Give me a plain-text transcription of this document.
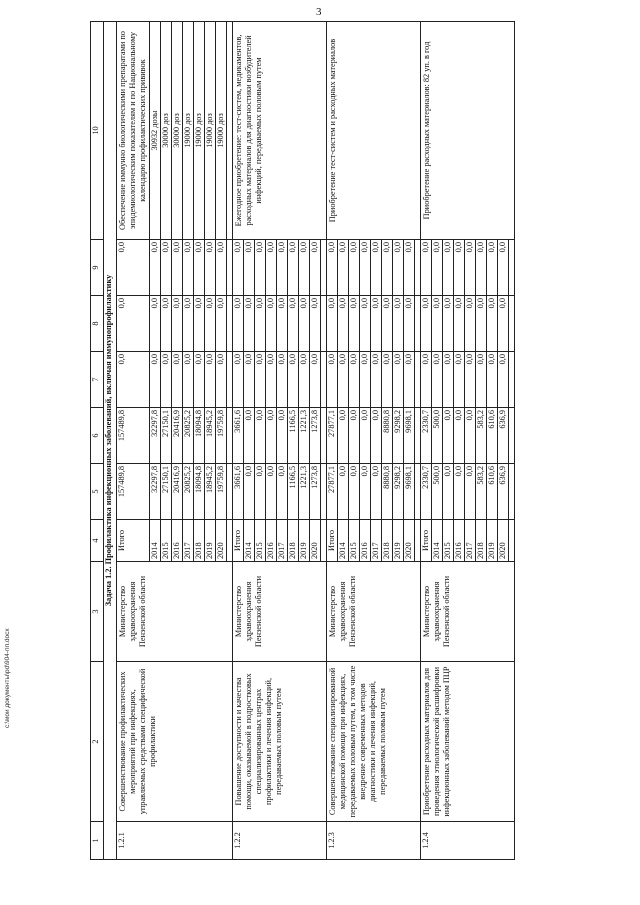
3
1	2	3	4	5	6	7	8	9	10
Задача 1.2. Профилактика инфекционных заболеваний, включая иммунопрофилактику									
1.2.1	Совершенствование профилактических мероприятий при инфекциях, управляемых средствами специфической профилактики	Министерство здравоохранения Пензенской области	Итого	157489,8	157489,8	0,0	0,0	0,0	Обеспечение иммунно биологическими препаратами по эпидемиологическим показателям и по Национальному календарю профилактических прививок
			2014	32297,8	32297,8	0,0	0,0	0,0	30932 дозы
			2015	27150,1	27150,1	0,0	0,0	0,0	30000 доз
			2016	20416,9	20416,9	0,0	0,0	0,0	30000 доз
			2017	20825,2	20825,2	0,0	0,0	0,0	19000 доз
			2018	18094,8	18094,8	0,0	0,0	0,0	19000 доз
			2019	18945,2	18945,2	0,0	0,0	0,0	19000 доз
			2020	19759,8	19759,8	0,0	0,0	0,0	19000 доз

1.2.2	Повышение доступности и качества помощи, оказываемой в подростковых специализированных центрах профилактики и лечения инфекций, передаваемых половым путем	Министерство здравоохранения Пензенской области	Итого	3661,6	3661,6	0,0	0,0	0,0	Ежегодное приобретение: тест-систем, медикаментов, расходных материалов для диагностики возбудителей инфекций, передаваемых половым путем
			2014	0,0	0,0	0,0	0,0	0,0	
			2015	0,0	0,0	0,0	0,0	0,0	
			2016	0,0	0,0	0,0	0,0	0,0	
			2017	0,0	0,0	0,0	0,0	0,0	
			2018	1166,5	1166,5	0,0	0,0	0,0	
			2019	1221,3	1221,3	0,0	0,0	0,0	
			2020	1273,8	1273,8	0,0	0,0	0,0	

1.2.3	Совершенствование специализированной медицинской помощи при инфекциях, передаваемых половым путем, в том числе внедрение современных методов диагностики и лечения инфекций, передаваемых половым путем	Министерство здравоохранения Пензенской области	Итого	27877,1	27877,1	0,0	0,0	0,0	Приобретение тест-систем и расходных материалов
			2014	0,0	0,0	0,0	0,0	0,0	
			2015	0,0	0,0	0,0	0,0	0,0	
			2016	0,0	0,0	0,0	0,0	0,0	
			2017	0,0	0,0	0,0	0,0	0,0	
			2018	8880,8	8880,8	0,0	0,0	0,0	
			2019	9298,2	9298,2	0,0	0,0	0,0	
			2020	9698,1	9698,1	0,0	0,0	0,0	

1.2.4	Приобретение расходных материалов для проведения этиологической расшифровки инфекционных заболеваний методом ПЦР	Министерство здравоохранения Пензенской области	Итого	2330,7	2330,7	0,0	0,0	0,0	Приобретение расходных материалов: 82 уп. в год
			2014	500,0	500,0	0,0	0,0	0,0	
			2015	0,0	0,0	0,0	0,0	0,0	
			2016	0,0	0,0	0,0	0,0	0,0	
			2017	0,0	0,0	0,0	0,0	0,0	
			2018	583,2	583,2	0,0	0,0	0,0	
			2019	610,6	610,6	0,0	0,0	0,0	
			2020	636,9	636,9	0,0	0,0	0,0	

c:\мои документы\pd\904-пп.docx
